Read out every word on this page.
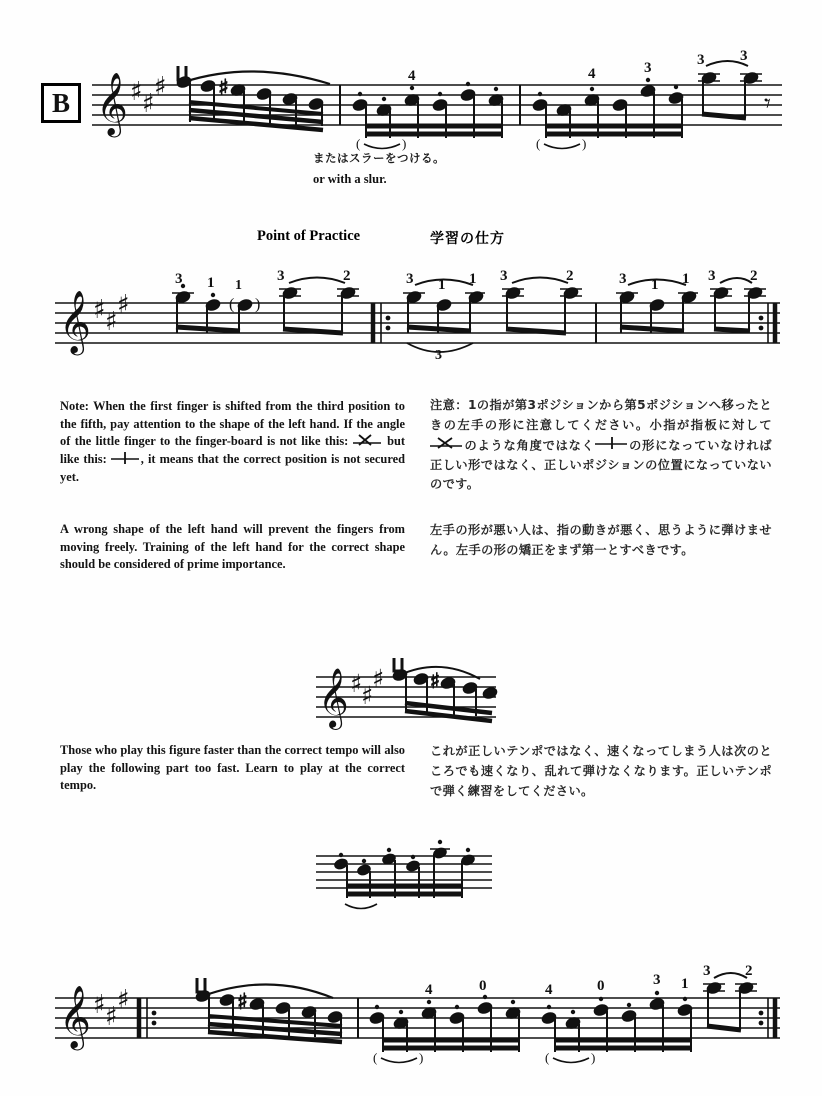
B 𝄞 ♯ ♯
♯ ♯
(	)
4
(	)
4	3	3 3
𝄾
またはスラーをつける。
or with a slur.
Point of Practice	学習の仕方
𝄞 ♯ ♯
♯
3 1 1
( )
3	2	3 1 1
3
3	2	3 1 1 3 2
Note: When the first finger is shifted from the third position to the fifth, pay attention to the shape of the left hand. If the angle of the little finger to the finger-board is not like this:  but like this: , it means that the correct position is not secured yet.
注意：1の指が第3ポジションから第5ポジションへ移ったときの左手の形に注意してください。小指が指板に対してのような角度ではなく	の形になっていなければ正しい形ではなく、正しいポジションの位置になっていないのです。
A wrong shape of the left hand will prevent the fingers from moving freely. Training of the left hand for the correct shape should be considered of prime importance.
左手の形が悪い人は、指の動きが悪く、思うように弾けません。左手の形の矯正をまず第一とすべきです。
𝄞 ♯
♯
♯ ♯
Those who play this figure faster than the correct tempo will also play the following part too fast. Learn to play at the correct tempo.
これが正しいテンポではなく、速くなってしまう人は次のところでも速くなり、乱れて弾けなくなります。正しいテンポで弾く練習をしてください。
𝄞 ♯ ♯
♯	♯
(	)
4	0
(	)
4	0	3 1
3 2
